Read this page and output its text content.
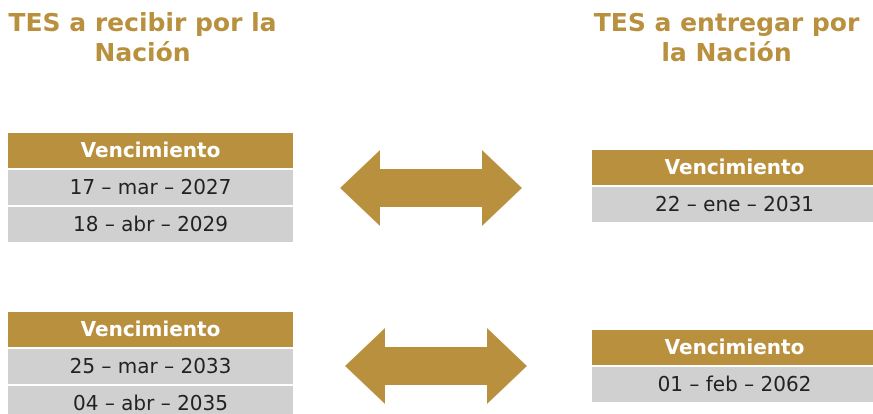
TES a recibir por la
Nación
TES a entregar por
la Nación
Vencimiento
17 – mar – 2027
18 – abr – 2029
Vencimiento
22 – ene – 2031
Vencimiento
25 – mar – 2033
04 – abr – 2035
Vencimiento
01 – feb – 2062
